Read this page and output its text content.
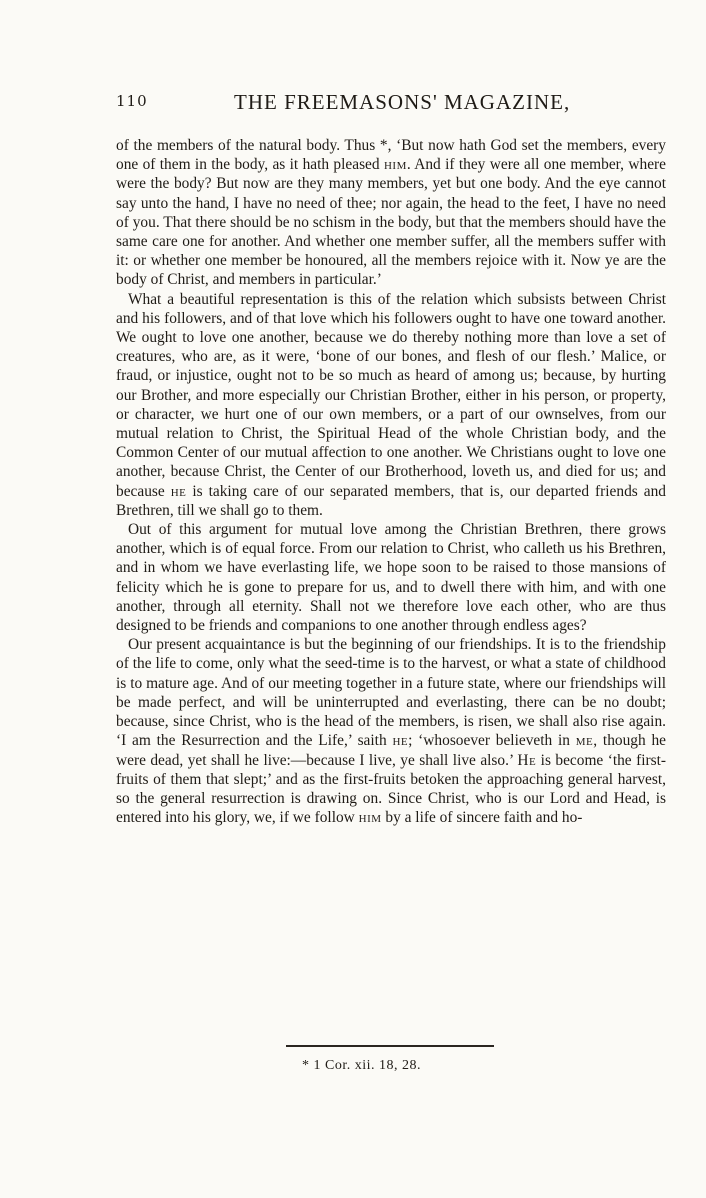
110	THE FREEMASONS' MAGAZINE,

of the members of the natural body. Thus *, ‘But now hath God set the members, every one of them in the body, as it hath pleased him. And if they were all one member, where were the body? But now are they many members, yet but one body. And the eye cannot say unto the hand, I have no need of thee; nor again, the head to the feet, I have no need of you. That there should be no schism in the body, but that the members should have the same care one for another. And whether one member suffer, all the members suffer with it: or whether one member be honoured, all the members rejoice with it. Now ye are the body of Christ, and members in particular.’

What a beautiful representation is this of the relation which subsists between Christ and his followers, and of that love which his followers ought to have one toward another. We ought to love one another, because we do thereby nothing more than love a set of creatures, who are, as it were, ‘bone of our bones, and flesh of our flesh.’ Malice, or fraud, or injustice, ought not to be so much as heard of among us; because, by hurting our Brother, and more especially our Christian Brother, either in his person, or property, or character, we hurt one of our own members, or a part of our ownselves, from our mutual relation to Christ, the Spiritual Head of the whole Christian body, and the Common Center of our mutual affection to one another. We Christians ought to love one another, because Christ, the Center of our Brotherhood, loveth us, and died for us; and because he is taking care of our separated members, that is, our departed friends and Brethren, till we shall go to them.

Out of this argument for mutual love among the Christian Brethren, there grows another, which is of equal force. From our relation to Christ, who calleth us his Brethren, and in whom we have everlasting life, we hope soon to be raised to those mansions of felicity which he is gone to prepare for us, and to dwell there with him, and with one another, through all eternity. Shall not we therefore love each other, who are thus designed to be friends and companions to one another through endless ages?

Our present acquaintance is but the beginning of our friendships. It is to the friendship of the life to come, only what the seed-time is to the harvest, or what a state of childhood is to mature age. And of our meeting together in a future state, where our friendships will be made perfect, and will be uninterrupted and everlasting, there can be no doubt; because, since Christ, who is the head of the members, is risen, we shall also rise again. ‘I am the Resurrection and the Life,’ saith he; ‘whosoever believeth in me, though he were dead, yet shall he live:—because I live, ye shall live also.’ He is become ‘the first-fruits of them that slept;’ and as the first-fruits betoken the approaching general harvest, so the general resurrection is drawing on. Since Christ, who is our Lord and Head, is entered into his glory, we, if we follow him by a life of sincere faith and ho-

* 1 Cor. xii. 18, 28.
